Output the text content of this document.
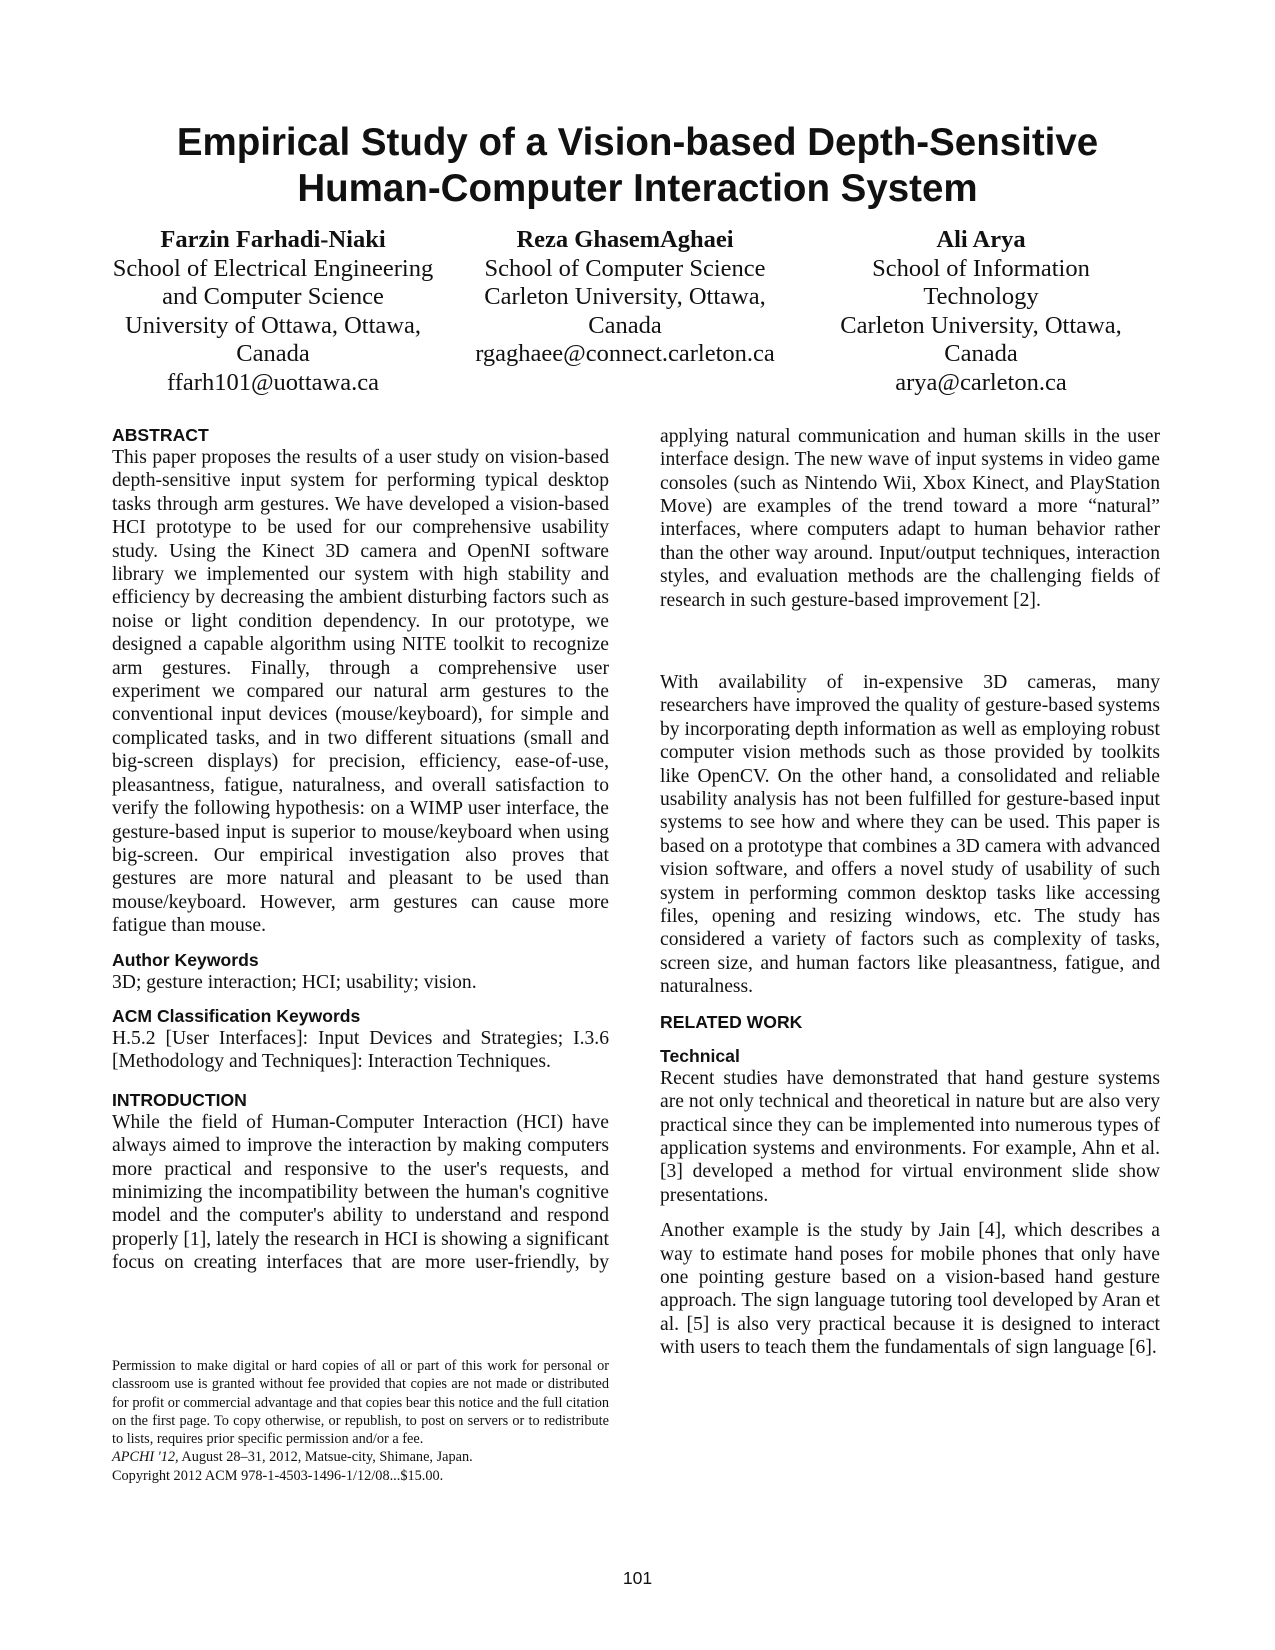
Empirical Study of a Vision-based Depth-Sensitive
Human-Computer Interaction System
Farzin Farhadi-Niaki
School of Electrical Engineering
and Computer Science
University of Ottawa, Ottawa,
Canada
ffarh101@uottawa.ca
Reza GhasemAghaei
School of Computer Science
Carleton University, Ottawa,
Canada
rgaghaee@connect.carleton.ca
Ali Arya
School of Information
Technology
Carleton University, Ottawa,
Canada
arya@carleton.ca
ABSTRACT

This paper proposes the results of a user study on vision-based depth-sensitive input system for performing typical desktop tasks through arm gestures. We have developed a vision-based HCI prototype to be used for our comprehensive usability study. Using the Kinect 3D camera and OpenNI software library we implemented our system with high stability and efficiency by decreasing the ambient disturbing factors such as noise or light condition dependency. In our prototype, we designed a capable algorithm using NITE toolkit to recognize arm gestures. Finally, through a comprehensive user experiment we compared our natural arm gestures to the conventional input devices (mouse/keyboard), for simple and complicated tasks, and in two different situations (small and big-screen displays) for precision, efficiency, ease-of-use, pleasantness, fatigue, naturalness, and overall satisfaction to verify the following hypothesis: on a WIMP user interface, the gesture-based input is superior to mouse/keyboard when using big-screen. Our empirical investigation also proves that gestures are more natural and pleasant to be used than mouse/keyboard. However, arm gestures can cause more fatigue than mouse.

Author Keywords

3D; gesture interaction; HCI; usability; vision.

ACM Classification Keywords

H.5.2 [User Interfaces]: Input Devices and Strategies; I.3.6 [Methodology and Techniques]: Interaction Techniques.

INTRODUCTION

While the field of Human-Computer Interaction (HCI) have always aimed to improve the interaction by making computers more practical and responsive to the user's requests, and minimizing the incompatibility between the human's cognitive model and the computer's ability to understand and respond properly [1], lately the research in HCI is showing a significant focus on creating interfaces that are more user-friendly, by

applying natural communication and human skills in the user interface design. The new wave of input systems in video game consoles (such as Nintendo Wii, Xbox Kinect, and PlayStation Move) are examples of the trend toward a more “natural” interfaces, where computers adapt to human behavior rather than the other way around. Input/output techniques, interaction styles, and evaluation methods are the challenging fields of research in such gesture-based improvement [2].

With availability of in-expensive 3D cameras, many researchers have improved the quality of gesture-based systems by incorporating depth information as well as employing robust computer vision methods such as those provided by toolkits like OpenCV. On the other hand, a consolidated and reliable usability analysis has not been fulfilled for gesture-based input systems to see how and where they can be used. This paper is based on a prototype that combines a 3D camera with advanced vision software, and offers a novel study of usability of such system in performing common desktop tasks like accessing files, opening and resizing windows, etc. The study has considered a variety of factors such as complexity of tasks, screen size, and human factors like pleasantness, fatigue, and naturalness.

RELATED WORK
Technical

Recent studies have demonstrated that hand gesture systems are not only technical and theoretical in nature but are also very practical since they can be implemented into numerous types of application systems and environments. For example, Ahn et al. [3] developed a method for virtual environment slide show presentations.

Another example is the study by Jain [4], which describes a way to estimate hand poses for mobile phones that only have one pointing gesture based on a vision-based hand gesture approach. The sign language tutoring tool developed by Aran et al. [5] is also very practical because it is designed to interact with users to teach them the fundamentals of sign language [6].

Permission to make digital or hard copies of all or part of this work for personal or classroom use is granted without fee provided that copies are not made or distributed for profit or commercial advantage and that copies bear this notice and the full citation on the first page. To copy otherwise, or republish, to post on servers or to redistribute to lists, requires prior specific permission and/or a fee.

APCHI '12, August 28–31, 2012, Matsue-city, Shimane, Japan.

Copyright 2012 ACM 978-1-4503-1496-1/12/08...$15.00.

101
